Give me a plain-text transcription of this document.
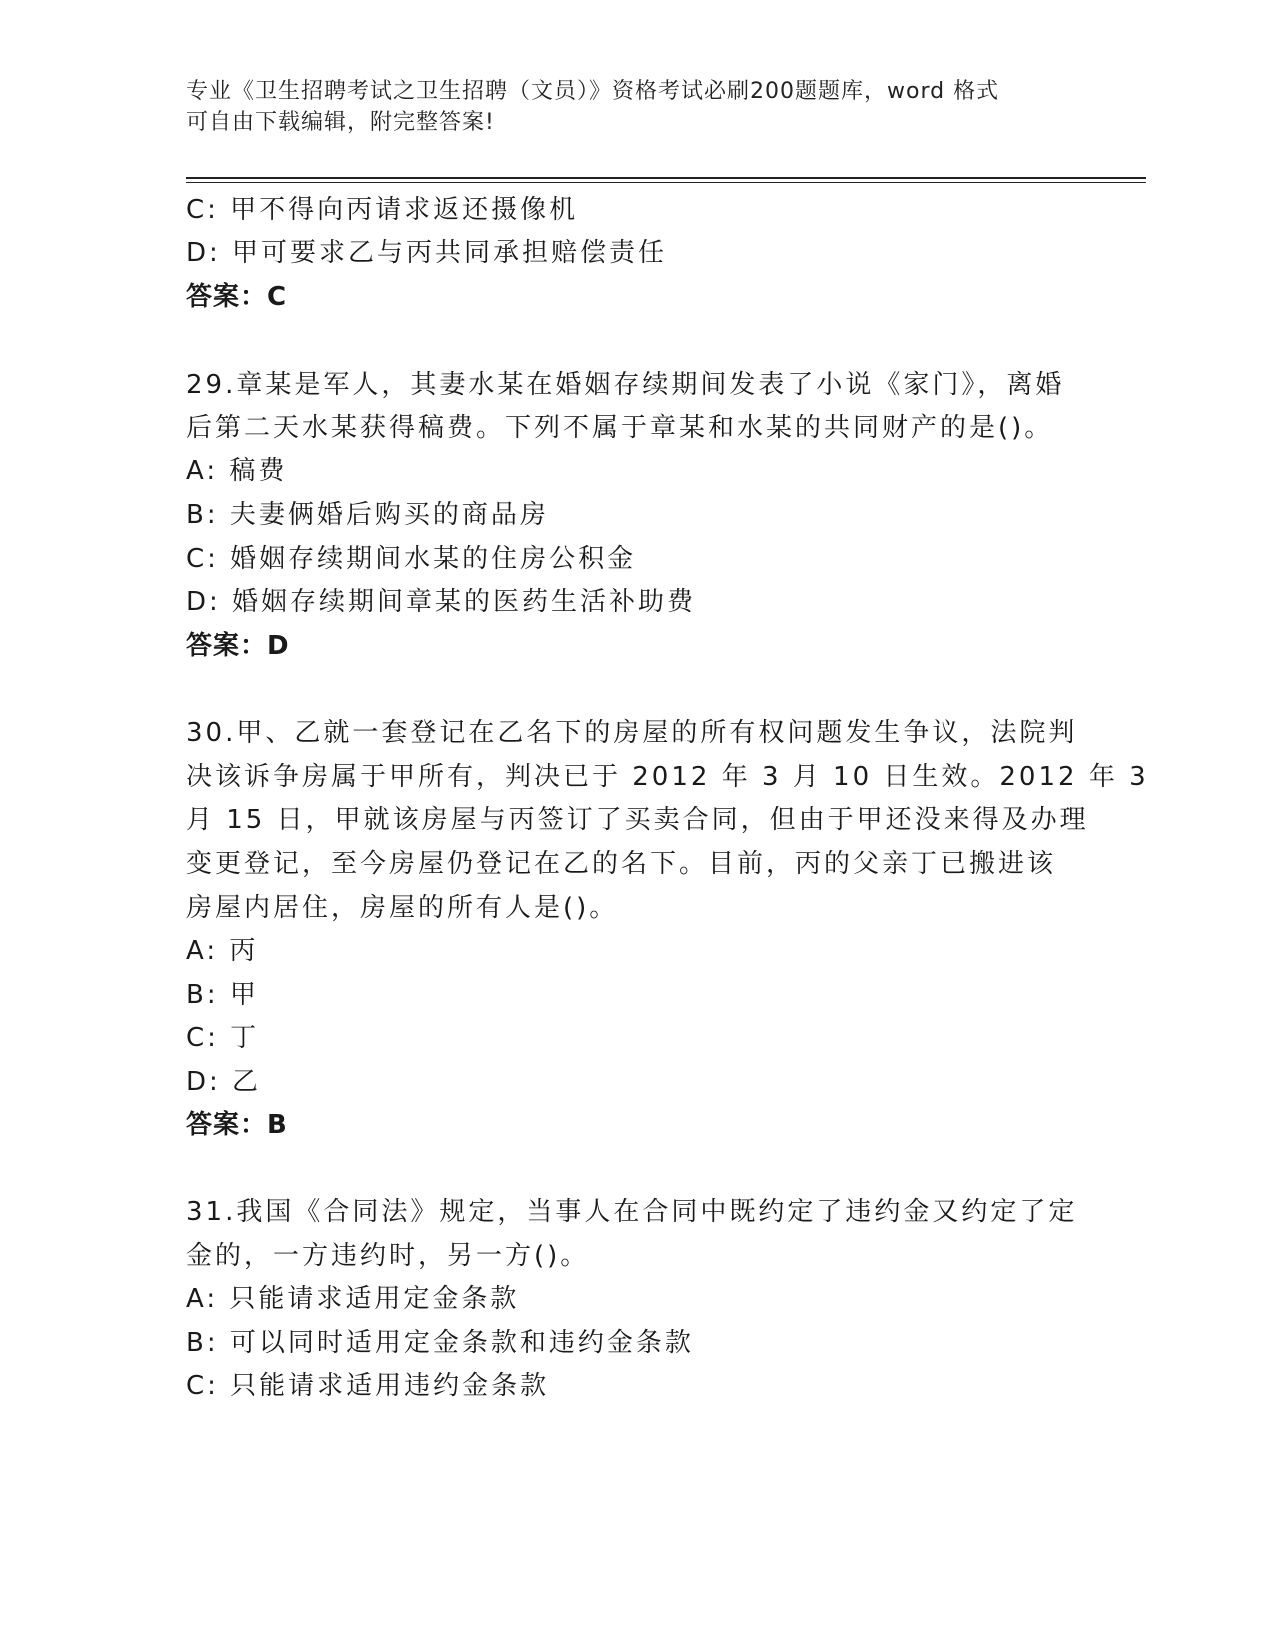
专业《卫生招聘考试之卫生招聘（文员）》资格考试必刷200题题库，word 格式
可自由下载编辑，附完整答案!
C: 甲不得向丙请求返还摄像机
D: 甲可要求乙与丙共同承担赔偿责任
答案：C
29.章某是军人，其妻水某在婚姻存续期间发表了小说《家门》，离婚
后第二天水某获得稿费。下列不属于章某和水某的共同财产的是()。
A: 稿费
B: 夫妻俩婚后购买的商品房
C: 婚姻存续期间水某的住房公积金
D: 婚姻存续期间章某的医药生活补助费
答案：D
30.甲、乙就一套登记在乙名下的房屋的所有权问题发生争议，法院判
决该诉争房属于甲所有，判决已于 2012 年 3 月 10 日生效。2012 年 3
月 15 日，甲就该房屋与丙签订了买卖合同，但由于甲还没来得及办理
变更登记，至今房屋仍登记在乙的名下。目前，丙的父亲丁已搬进该
房屋内居住，房屋的所有人是()。
A: 丙
B: 甲
C: 丁
D: 乙
答案：B
31.我国《合同法》规定，当事人在合同中既约定了违约金又约定了定
金的，一方违约时，另一方()。
A: 只能请求适用定金条款
B: 可以同时适用定金条款和违约金条款
C: 只能请求适用违约金条款
